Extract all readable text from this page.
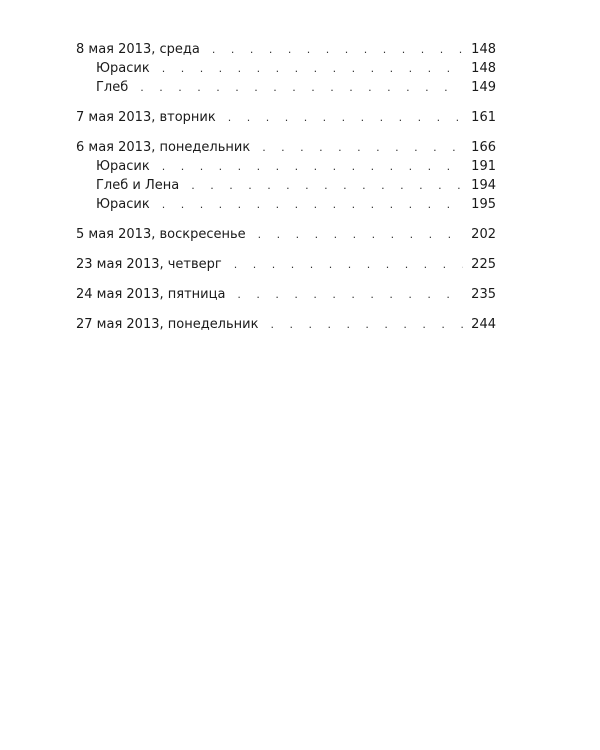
8 мая 2013, среда . . .	148
Юрасик . . .	148
Глеб . . .	149
7 мая 2013, вторник . . .	161
6 мая 2013, понедельник . . .	166
Юрасик . . .	191
Глеб и Лена . . .	194
Юрасик . . .	195
5 мая 2013, воскресенье . . .	202
23 мая 2013, четверг . . .	225
24 мая 2013, пятница . . .	235
27 мая 2013, понедельник . . .	244
